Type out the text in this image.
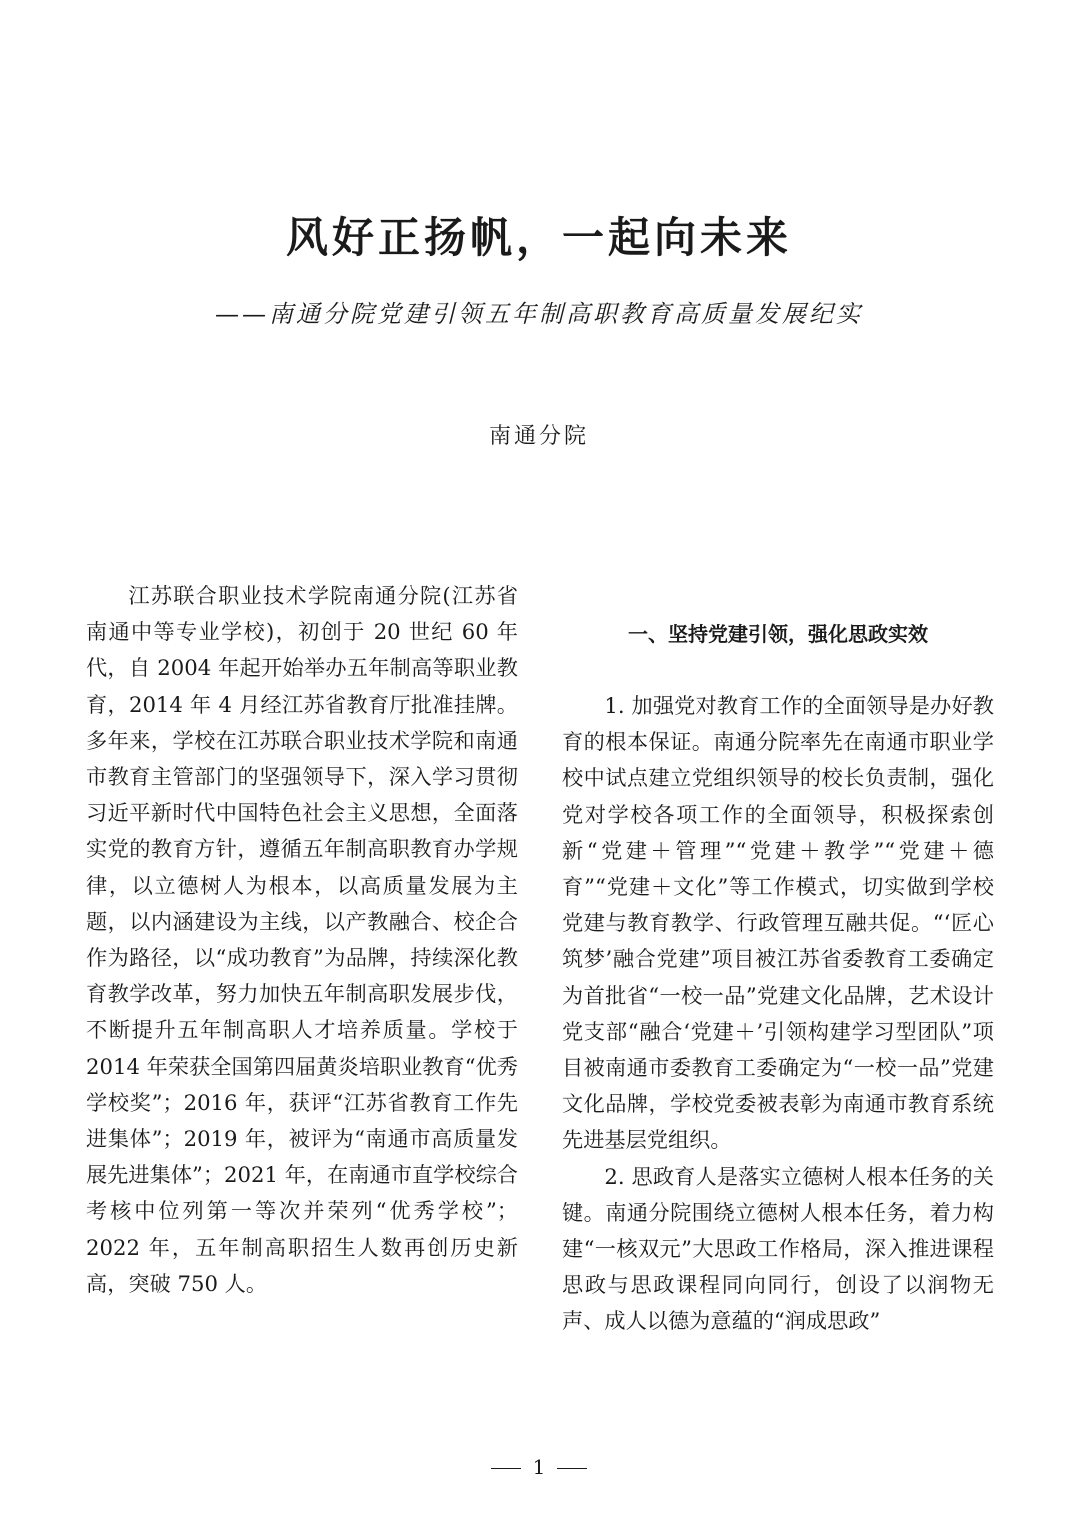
风好正扬帆，一起向未来
——南通分院党建引领五年制高职教育高质量发展纪实
南通分院

江苏联合职业技术学院南通分院(江苏省南通中等专业学校)，初创于 20 世纪 60 年代，自 2004 年起开始举办五年制高等职业教育，2014 年 4 月经江苏省教育厅批准挂牌。多年来，学校在江苏联合职业技术学院和南通市教育主管部门的坚强领导下，深入学习贯彻习近平新时代中国特色社会主义思想，全面落实党的教育方针，遵循五年制高职教育办学规律，以立德树人为根本，以高质量发展为主题，以内涵建设为主线，以产教融合、校企合作为路径，以“成功教育”为品牌，持续深化教育教学改革，努力加快五年制高职发展步伐，不断提升五年制高职人才培养质量。学校于 2014 年荣获全国第四届黄炎培职业教育“优秀学校奖”；2016 年，获评“江苏省教育工作先进集体”；2019 年，被评为“南通市高质量发展先进集体”；2021 年，在南通市直学校综合考核中位列第一等次并荣列“优秀学校”；2022 年，五年制高职招生人数再创历史新高，突破 750 人。

一、坚持党建引领，强化思政实效

1. 加强党对教育工作的全面领导是办好教育的根本保证。南通分院率先在南通市职业学校中试点建立党组织领导的校长负责制，强化党对学校各项工作的全面领导，积极探索创新“党建＋管理”“党建＋教学”“党建＋德育”“党建＋文化”等工作模式，切实做到学校党建与教育教学、行政管理互融共促。“‘匠心筑梦’融合党建”项目被江苏省委教育工委确定为首批省“一校一品”党建文化品牌，艺术设计党支部“融合‘党建＋’引领构建学习型团队”项目被南通市委教育工委确定为“一校一品”党建文化品牌，学校党委被表彰为南通市教育系统先进基层党组织。

2. 思政育人是落实立德树人根本任务的关键。南通分院围绕立德树人根本任务，着力构建“一核双元”大思政工作格局，深入推进课程思政与思政课程同向同行，创设了以润物无声、成人以德为意蕴的“润成思政”

1
